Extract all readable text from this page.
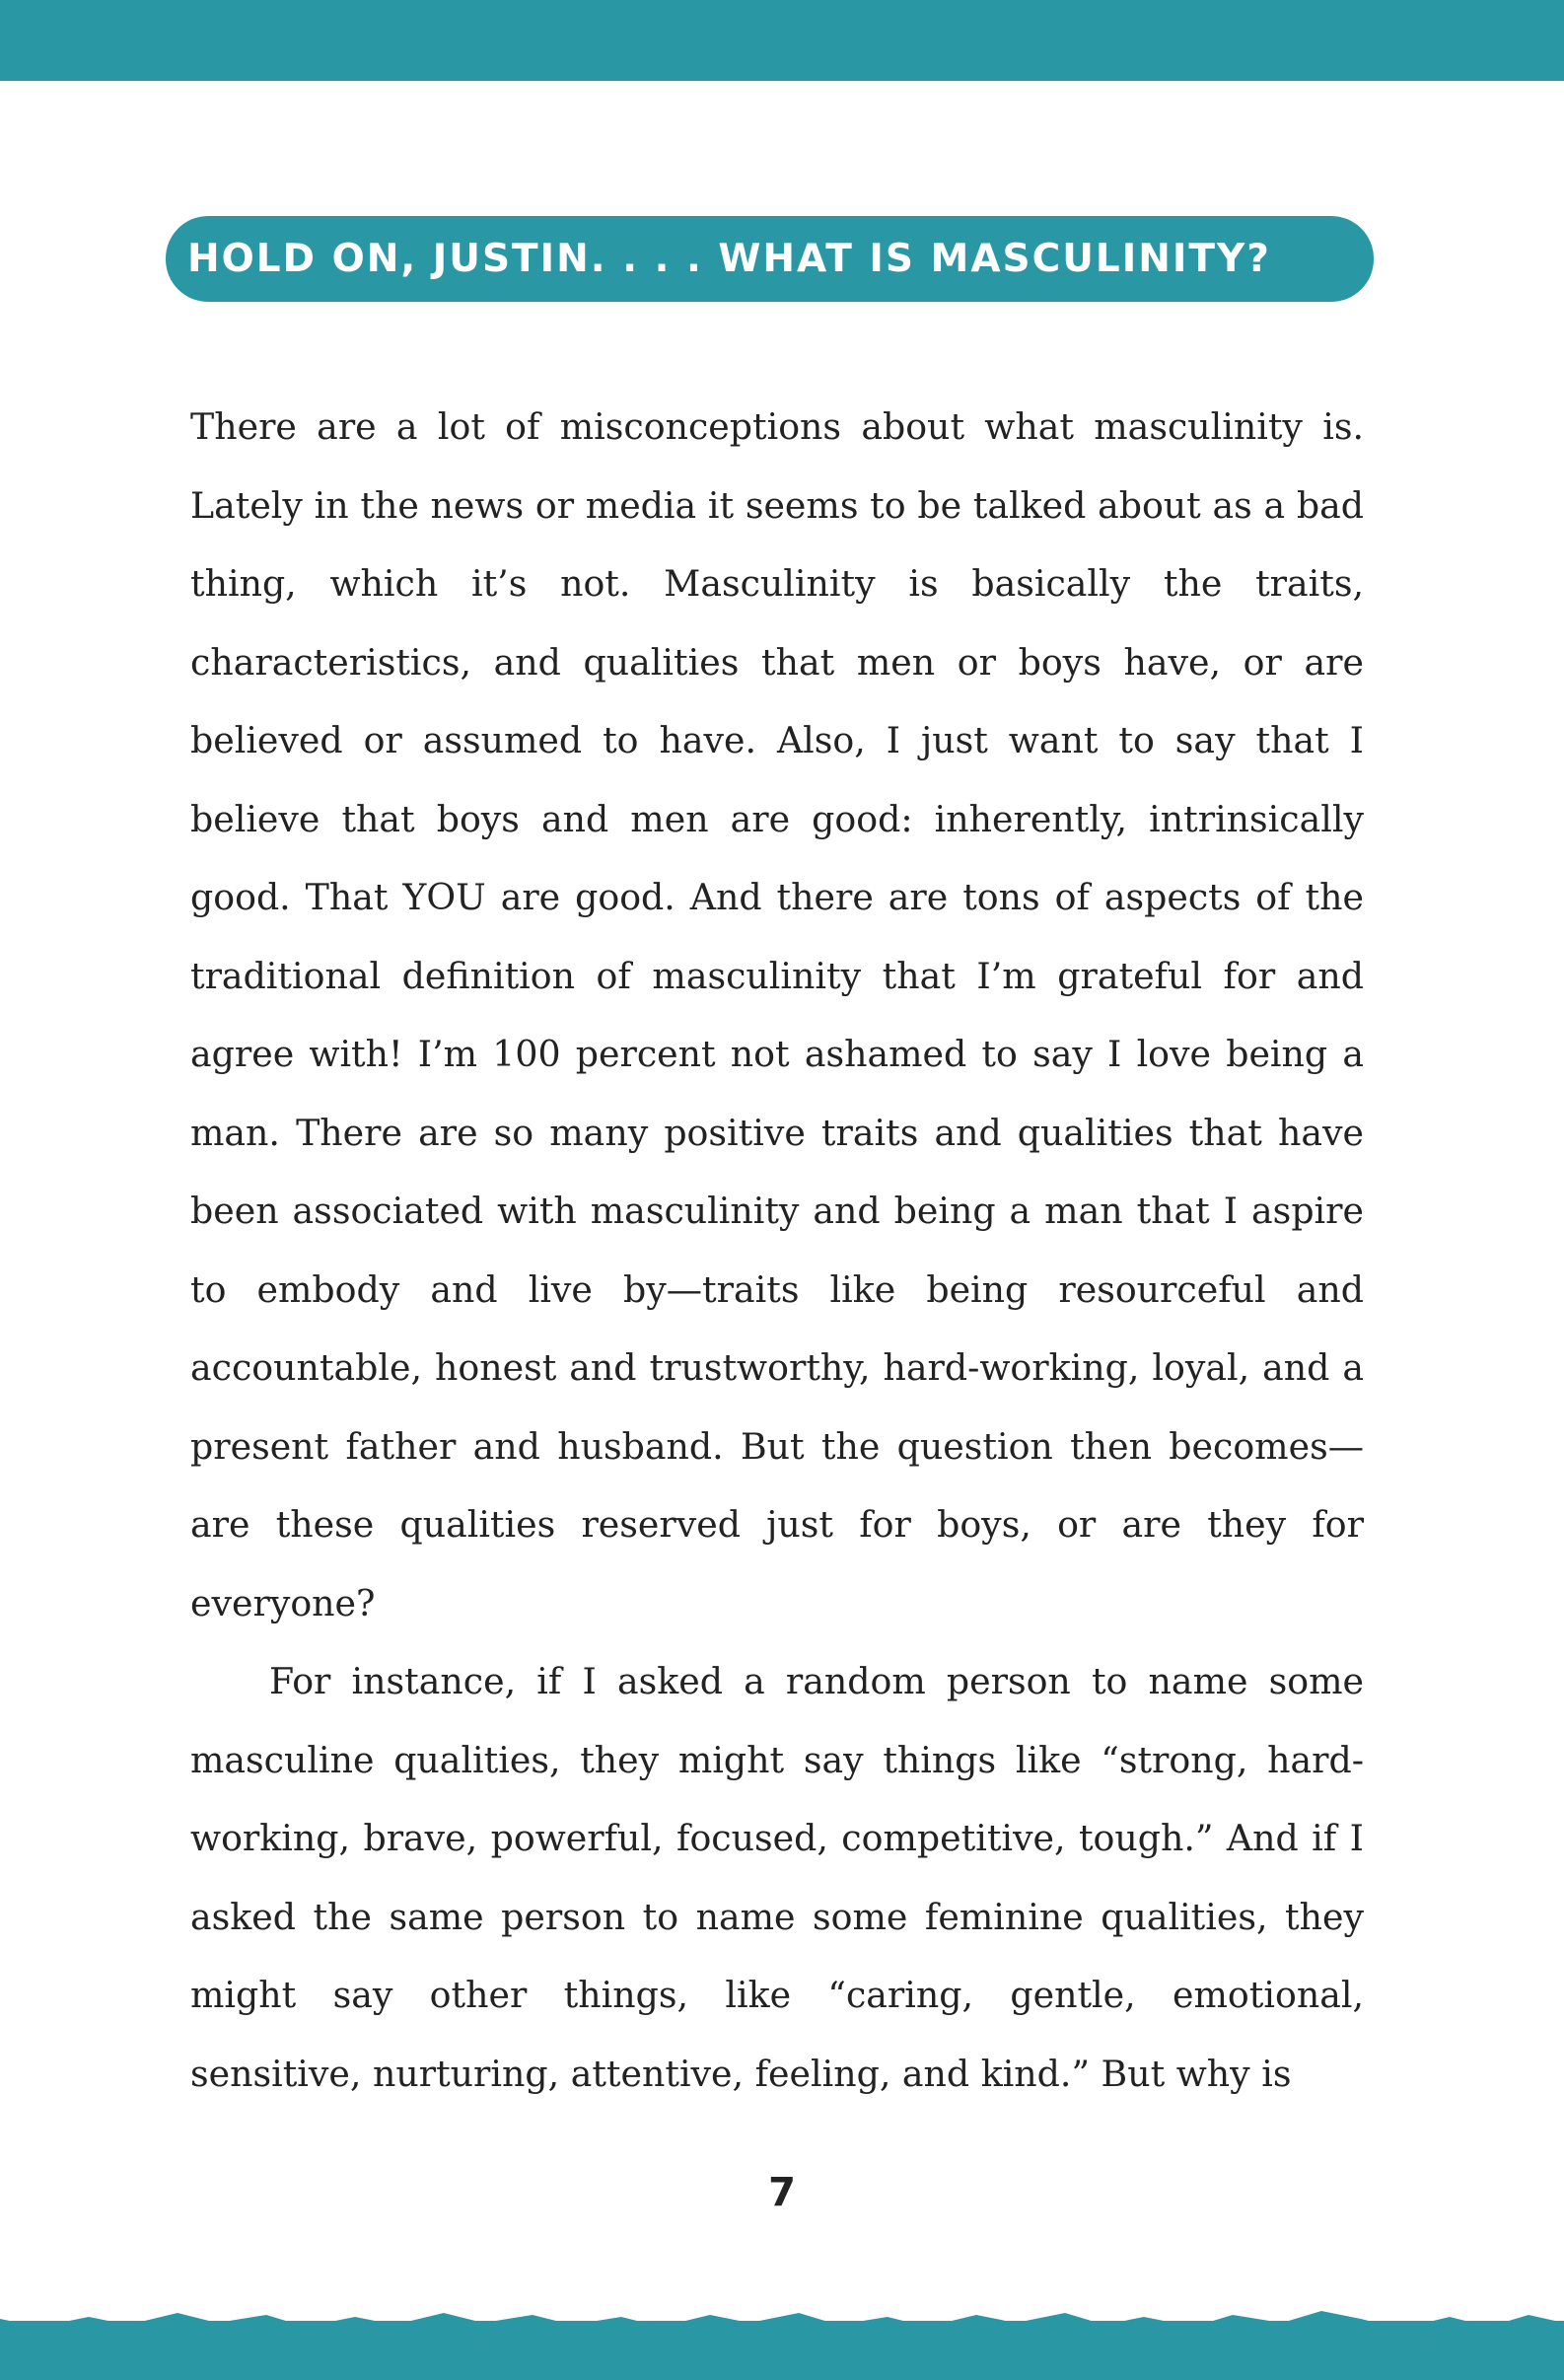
HOLD ON, JUSTIN. . . . WHAT IS MASCULINITY?

There are a lot of misconceptions about what masculinity is. Lately in the news or media it seems to be talked about as a bad thing, which it’s not. Masculinity is basically the traits, characteristics, and qualities that men or boys have, or are believed or assumed to have. Also, I just want to say that I believe that boys and men are good: inherently, intrinsically good. That YOU are good. And there are tons of aspects of the traditional definition of masculinity that I’m grateful for and agree with! I’m 100 percent not ashamed to say I love being a man. There are so many positive traits and qualities that have been associated with masculinity and being a man that I aspire to embody and live by—traits like being resourceful and accountable, honest and trustworthy, hard-working, loyal, and a present father and husband. But the question then becomes—are these qualities reserved just for boys, or are they for everyone?

For instance, if I asked a random person to name some masculine qualities, they might say things like “strong, hard-working, brave, powerful, focused, competitive, tough.” And if I asked the same person to name some feminine qualities, they might say other things, like “caring, gentle, emotional, sensitive, nurturing, attentive, feeling, and kind.” But why is

7
